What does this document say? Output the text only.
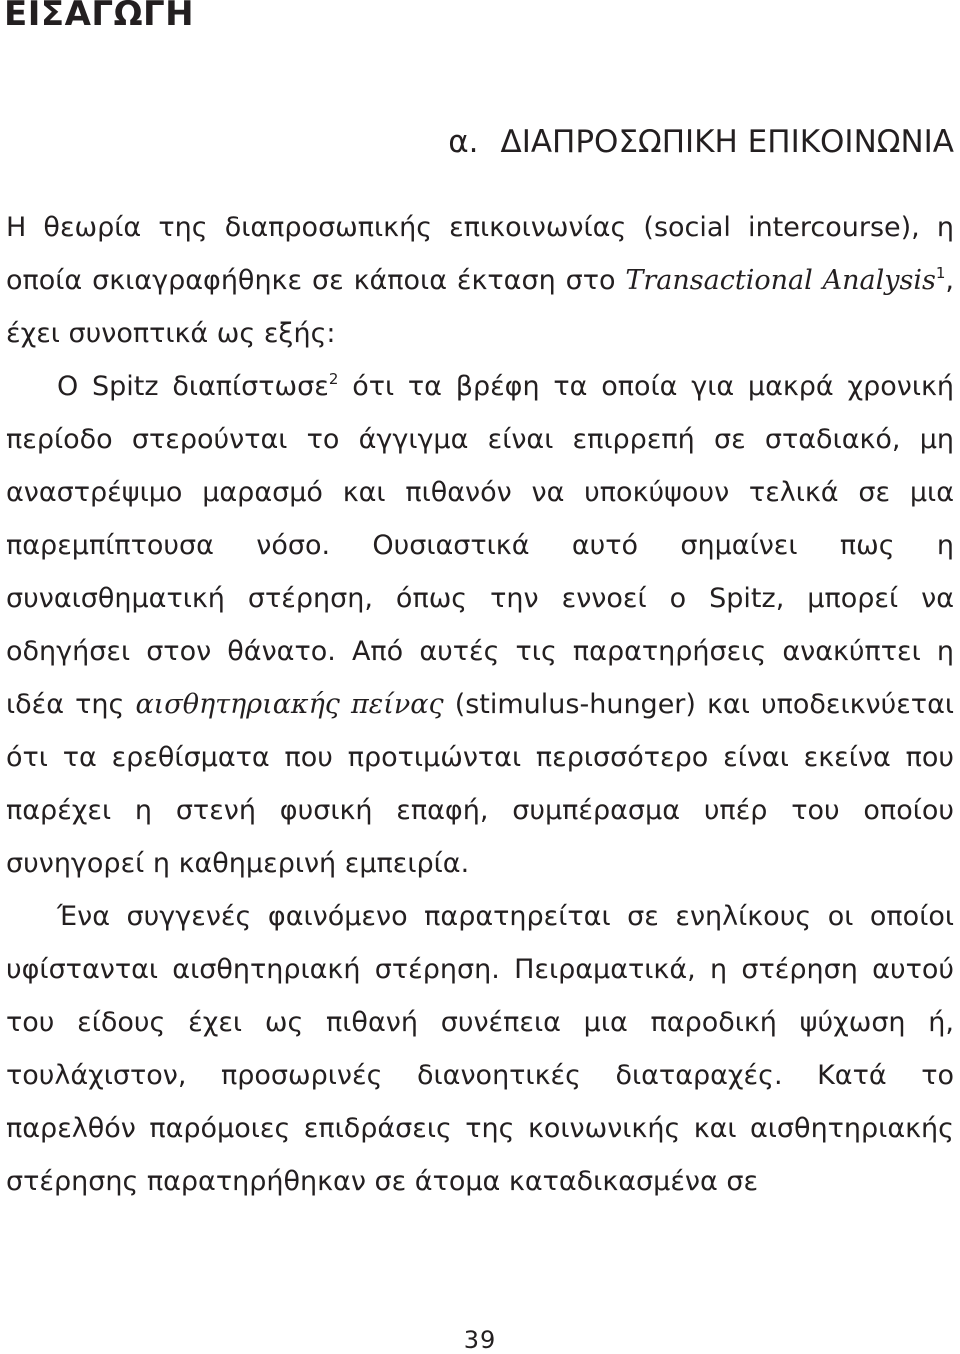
ΕΙΣΑΓΩΓΗ
α. ΔΙΑΠΡΟΣΩΠΙΚΗ ΕΠΙΚΟΙΝΩΝΙΑ

Η θεωρία της διαπροσωπικής επικοινωνίας (social intercourse), η οποία σκιαγραφήθηκε σε κάποια έκταση στο Transactional Analysis$^1$, έχει συνοπτικά ως εξής:

Ο Spitz διαπίστωσε$^2$ ότι τα βρέφη τα οποία για μακρά χρονική περίοδο στερούνται το άγγιγμα είναι επιρρεπή σε σταδιακό, μη αναστρέψιμο μαρασμό και πιθανόν να υποκύψουν τελικά σε μια παρεμπίπτουσα νόσο. Ουσιαστικά αυτό σημαίνει πως η συναισθηματική στέρηση, όπως την εννοεί ο Spitz, μπορεί να οδηγήσει στον θάνατο. Από αυτές τις παρατηρήσεις ανακύπτει η ιδέα της αισθητηριακής πείνας (stimulus-hunger) και υποδεικνύεται ότι τα ερεθίσματα που προτιμώνται περισσότερο είναι εκείνα που παρέχει η στενή φυσική επαφή, συμπέρασμα υπέρ του οποίου συνηγορεί η καθημερινή εμπειρία.

Ένα συγγενές φαινόμενο παρατηρείται σε ενηλίκους οι οποίοι υφίστανται αισθητηριακή στέρηση. Πειραματικά, η στέρηση αυτού του είδους έχει ως πιθανή συνέπεια μια παροδική ψύχωση ή, τουλάχιστον, προσωρινές διανοητικές διαταραχές. Κατά το παρελθόν παρόμοιες επιδράσεις της κοινωνικής και αισθητηριακής στέρησης παρατηρήθηκαν σε άτομα καταδικασμένα σε

39
